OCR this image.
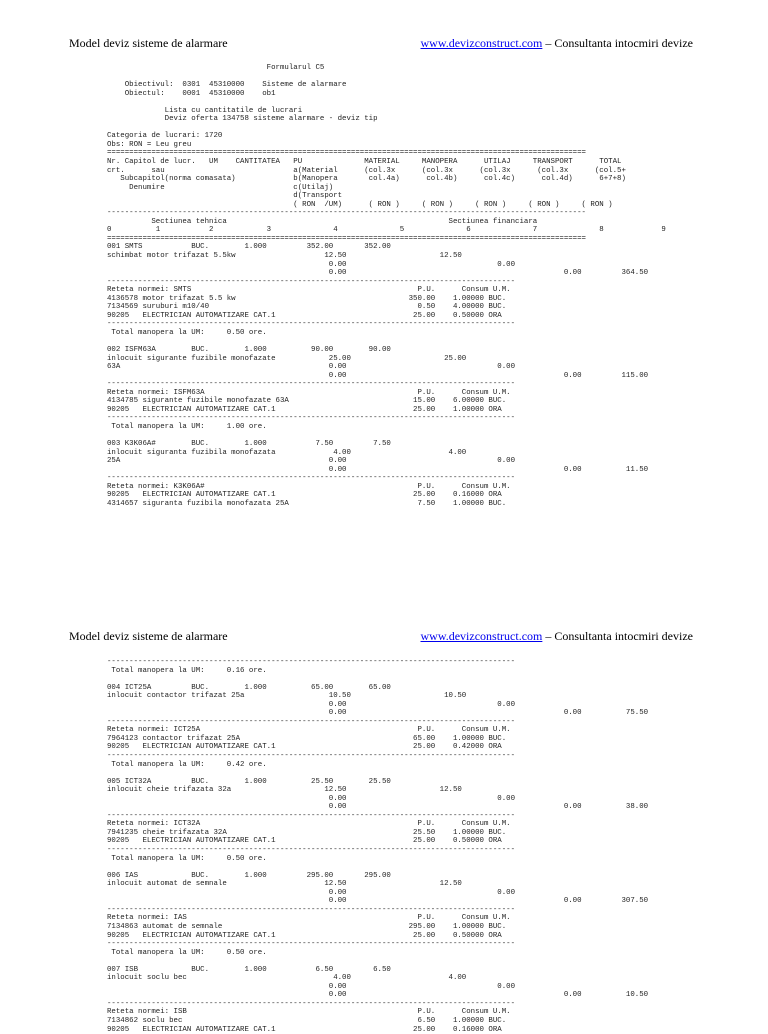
Model deviz sisteme de alarmare	www.devizconstruct.com – Consultanta intocmiri devize
Formularul C5

Obiectivul:  0301  45310000    Sisteme de alarmare
Obiectul:    0001  45310000    ob1

Lista cu cantitatile de lucrari
Deviz oferta 134758 sisteme alarmare - deviz tip

Categoria de lucrari: 1720
Obs: RON = Leu greu
============================================================================================================
Nr. Capitol de lucr.   UM    CANTITATEA   PU              MATERIAL     MANOPERA      UTILAJ     TRANSPORT      TOTAL
crt.      sau                             a(Material      (col.3x      (col.3x      (col.3x      (col.3x      (col.5+
Subcapitol(norma comasata)             b(Manopera       col.4a)      col.4b)      col.4c)      col.4d)      6+7+8)
Denumire                             c(Utilaj)
d(Transport
( RON  /UM)      ( RON )     ( RON )     ( RON )     ( RON )     ( RON )
------------------------------------------------------------------------------------------------------------
Sectiunea tehnica                                                  Sectiunea financiara
0          1           2            3              4              5              6              7              8             9
============================================================================================================
001 SMTS           BUC.        1.000         352.00       352.00
schimbat motor trifazat 5.5kw                    12.50                     12.50
0.00                                  0.00
0.00                                                 0.00         364.50
--------------------------------------------------------------------------------------------
Reteta normei: SMTS                                                   P.U.      Consum U.M.
4136578 motor trifazat 5.5 kw                                       350.00    1.00000 BUC.
7134569 suruburi m10/40                                               0.50    4.00000 BUC.
90205   ELECTRICIAN AUTOMATIZARE CAT.1                               25.00    0.50000 ORA
--------------------------------------------------------------------------------------------
Total manopera la UM:     0.50 ore.

002 ISFM63A        BUC.        1.000          90.00        90.00
inlocuit sigurante fuzibile monofazate            25.00                     25.00
63A                                               0.00                                  0.00
0.00                                                 0.00         115.00
--------------------------------------------------------------------------------------------
Reteta normei: ISFM63A                                                P.U.      Consum U.M.
4134785 sigurante fuzibile monofazate 63A                            15.00    6.00000 BUC.
90205   ELECTRICIAN AUTOMATIZARE CAT.1                               25.00    1.00000 ORA
--------------------------------------------------------------------------------------------
Total manopera la UM:     1.00 ore.

003 K3K06A#        BUC.        1.000           7.50         7.50
inlocuit siguranta fuzibila monofazata             4.00                      4.00
25A                                               0.00                                  0.00
0.00                                                 0.00          11.50
--------------------------------------------------------------------------------------------
Reteta normei: K3K06A#                                                P.U.      Consum U.M.
90205   ELECTRICIAN AUTOMATIZARE CAT.1                               25.00    0.16000 ORA
4314657 siguranta fuzibila monofazata 25A                             7.50    1.00000 BUC.

Model deviz sisteme de alarmare	www.devizconstruct.com – Consultanta intocmiri devize
--------------------------------------------------------------------------------------------
Total manopera la UM:     0.16 ore.

004 ICT25A         BUC.        1.000          65.00        65.00
inlocuit contactor trifazat 25a                   10.50                     10.50
0.00                                  0.00
0.00                                                 0.00          75.50
--------------------------------------------------------------------------------------------
Reteta normei: ICT25A                                                 P.U.      Consum U.M.
7964123 contactor trifazat 25A                                       65.00    1.00000 BUC.
90205   ELECTRICIAN AUTOMATIZARE CAT.1                               25.00    0.42000 ORA
--------------------------------------------------------------------------------------------
Total manopera la UM:     0.42 ore.

005 ICT32A         BUC.        1.000          25.50        25.50
inlocuit cheie trifazata 32a                     12.50                     12.50
0.00                                  0.00
0.00                                                 0.00          38.00
--------------------------------------------------------------------------------------------
Reteta normei: ICT32A                                                 P.U.      Consum U.M.
7941235 cheie trifazata 32A                                          25.50    1.00000 BUC.
90205   ELECTRICIAN AUTOMATIZARE CAT.1                               25.00    0.50000 ORA
--------------------------------------------------------------------------------------------
Total manopera la UM:     0.50 ore.

006 IAS            BUC.        1.000         295.00       295.00
inlocuit automat de semnale                      12.50                     12.50
0.00                                  0.00
0.00                                                 0.00         307.50
--------------------------------------------------------------------------------------------
Reteta normei: IAS                                                    P.U.      Consum U.M.
7134863 automat de semnale                                          295.00    1.00000 BUC.
90205   ELECTRICIAN AUTOMATIZARE CAT.1                               25.00    0.50000 ORA
--------------------------------------------------------------------------------------------
Total manopera la UM:     0.50 ore.

007 ISB            BUC.        1.000           6.50         6.50
inlocuit soclu bec                                 4.00                      4.00
0.00                                  0.00
0.00                                                 0.00          10.50
--------------------------------------------------------------------------------------------
Reteta normei: ISB                                                    P.U.      Consum U.M.
7134862 soclu bec                                                     6.50    1.00000 BUC.
90205   ELECTRICIAN AUTOMATIZARE CAT.1                               25.00    0.16000 ORA
